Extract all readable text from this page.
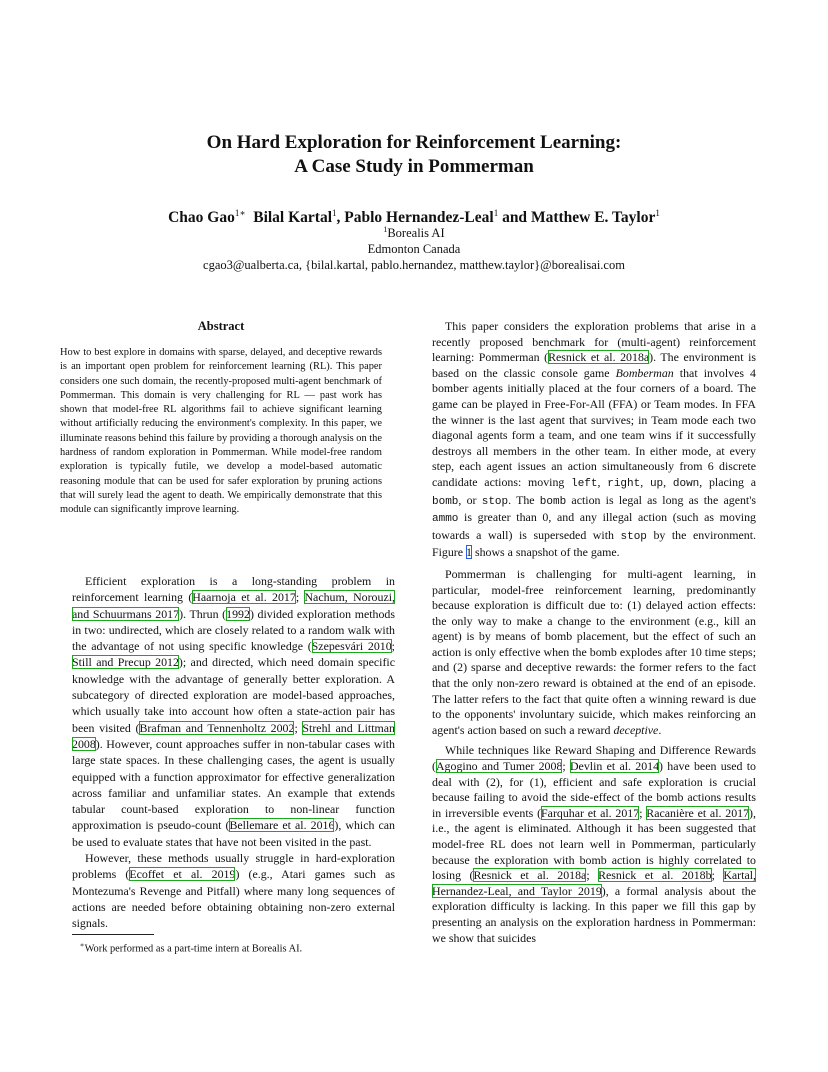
On Hard Exploration for Reinforcement Learning:
A Case Study in Pommerman
Chao Gao$^{1∗}$ Bilal Kartal$^1$, Pablo Hernandez-Leal$^1$ and Matthew E. Taylor$^1$
$^1$Borealis AI
Edmonton Canada
cgao3@ualberta.ca, {bilal.kartal, pablo.hernandez, matthew.taylor}@borealisai.com
Abstract
How to best explore in domains with sparse, delayed, and deceptive rewards is an important open problem for reinforcement learning (RL). This paper considers one such domain, the recently-proposed multi-agent benchmark of Pommerman. This domain is very challenging for RL — past work has shown that model-free RL algorithms fail to achieve significant learning without artificially reducing the environment's complexity. In this paper, we illuminate reasons behind this failure by providing a thorough analysis on the hardness of random exploration in Pommerman. While model-free random exploration is typically futile, we develop a model-based automatic reasoning module that can be used for safer exploration by pruning actions that will surely lead the agent to death. We empirically demonstrate that this module can significantly improve learning.

Efficient exploration is a long-standing problem in reinforcement learning (Haarnoja et al. 2017; Nachum, Norouzi, and Schuurmans 2017). Thrun (1992) divided exploration methods in two: undirected, which are closely related to a random walk with the advantage of not using specific knowledge (Szepesvári 2010; Still and Precup 2012); and directed, which need domain specific knowledge with the advantage of generally better exploration. A subcategory of directed exploration are model-based approaches, which usually take into account how often a state-action pair has been visited (Brafman and Tennenholtz 2002; Strehl and Littman 2008). However, count approaches suffer in non-tabular cases with large state spaces. In these challenging cases, the agent is usually equipped with a function approximator for effective generalization across familiar and unfamiliar states. An example that extends tabular count-based exploration to non-linear function approximation is pseudo-count (Bellemare et al. 2016), which can be used to evaluate states that have not been visited in the past.

However, these methods usually struggle in hard-exploration problems (Ecoffet et al. 2019) (e.g., Atari games such as Montezuma's Revenge and Pitfall) where many long sequences of actions are needed before obtaining obtaining non-zero external signals.

∗Work performed as a part-time intern at Borealis AI.

This paper considers the exploration problems that arise in a recently proposed benchmark for (multi-agent) reinforcement learning: Pommerman (Resnick et al. 2018a). The environment is based on the classic console game Bomberman that involves 4 bomber agents initially placed at the four corners of a board. The game can be played in Free-For-All (FFA) or Team modes. In FFA the winner is the last agent that survives; in Team mode each two diagonal agents form a team, and one team wins if it successfully destroys all members in the other team. In either mode, at every step, each agent issues an action simultaneously from 6 discrete candidate actions: moving left, right, up, down, placing a bomb, or stop. The bomb action is legal as long as the agent's ammo is greater than 0, and any illegal action (such as moving towards a wall) is superseded with stop by the environment. Figure 1 shows a snapshot of the game.

Pommerman is challenging for multi-agent learning, in particular, model-free reinforcement learning, predominantly because exploration is difficult due to: (1) delayed action effects: the only way to make a change to the environment (e.g., kill an agent) is by means of bomb placement, but the effect of such an action is only effective when the bomb explodes after 10 time steps; and (2) sparse and deceptive rewards: the former refers to the fact that the only non-zero reward is obtained at the end of an episode. The latter refers to the fact that quite often a winning reward is due to the opponents' involuntary suicide, which makes reinforcing an agent's action based on such a reward deceptive.

While techniques like Reward Shaping and Difference Rewards (Agogino and Tumer 2008; Devlin et al. 2014) have been used to deal with (2), for (1), efficient and safe exploration is crucial because failing to avoid the side-effect of the bomb actions results in irreversible events (Farquhar et al. 2017; Racanière et al. 2017), i.e., the agent is eliminated. Although it has been suggested that model-free RL does not learn well in Pommerman, particularly because the exploration with bomb action is highly correlated to losing (Resnick et al. 2018a; Resnick et al. 2018b; Kartal, Hernandez-Leal, and Taylor 2019), a formal analysis about the exploration difficulty is lacking. In this paper we fill this gap by presenting an analysis on the exploration hardness in Pommerman: we show that suicides
